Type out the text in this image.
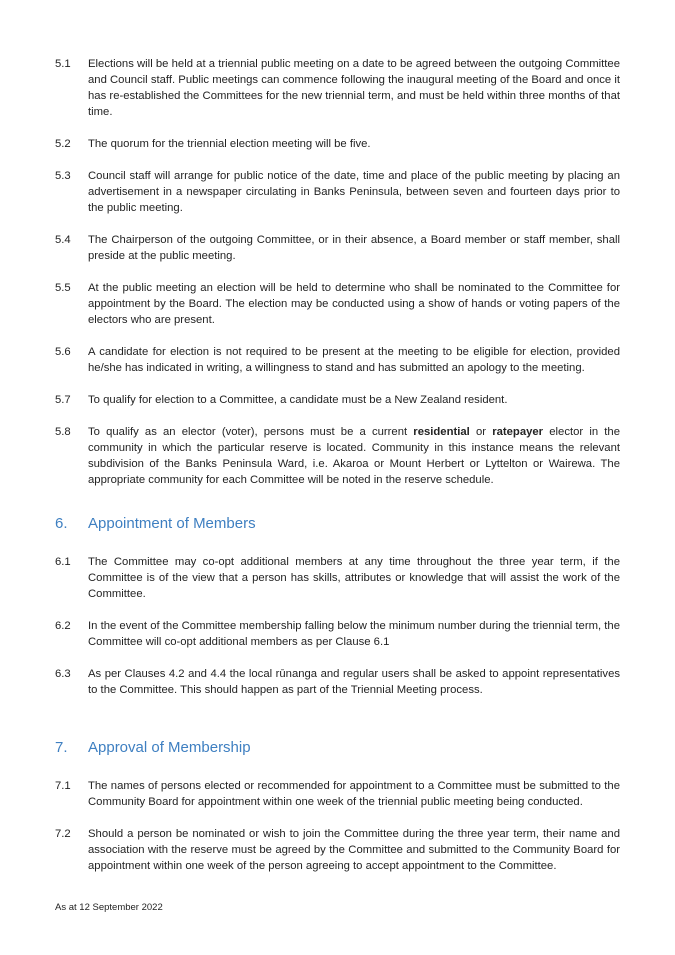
5.1	Elections will be held at a triennial public meeting on a date to be agreed between the outgoing Committee and Council staff. Public meetings can commence following the inaugural meeting of the Board and once it has re-established the Committees for the new triennial term, and must be held within three months of that time.
5.2	The quorum for the triennial election meeting will be five.
5.3	Council staff will arrange for public notice of the date, time and place of the public meeting by placing an advertisement in a newspaper circulating in Banks Peninsula, between seven and fourteen days prior to the public meeting.
5.4	The Chairperson of the outgoing Committee, or in their absence, a Board member or staff member, shall preside at the public meeting.
5.5	At the public meeting an election will be held to determine who shall be nominated to the Committee for appointment by the Board. The election may be conducted using a show of hands or voting papers of the electors who are present.
5.6	A candidate for election is not required to be present at the meeting to be eligible for election, provided he/she has indicated in writing, a willingness to stand and has submitted an apology to the meeting.
5.7	To qualify for election to a Committee, a candidate must be a New Zealand resident.
5.8	To qualify as an elector (voter), persons must be a current residential or ratepayer elector in the community in which the particular reserve is located. Community in this instance means the relevant subdivision of the Banks Peninsula Ward, i.e. Akaroa or Mount Herbert or Lyttelton or Wairewa. The appropriate community for each Committee will be noted in the reserve schedule.
6.	Appointment of Members
6.1	The Committee may co-opt additional members at any time throughout the three year term, if the Committee is of the view that a person has skills, attributes or knowledge that will assist the work of the Committee.
6.2	In the event of the Committee membership falling below the minimum number during the triennial term, the Committee will co-opt additional members as per Clause 6.1
6.3	As per Clauses 4.2 and 4.4 the local rūnanga and regular users shall be asked to appoint representatives to the Committee. This should happen as part of the Triennial Meeting process.
7.	Approval of Membership
7.1	The names of persons elected or recommended for appointment to a Committee must be submitted to the Community Board for appointment within one week of the triennial public meeting being conducted.
7.2	Should a person be nominated or wish to join the Committee during the three year term, their name and association with the reserve must be agreed by the Committee and submitted to the Community Board for appointment within one week of the person agreeing to accept appointment to the Committee.
As at 12 September 2022
